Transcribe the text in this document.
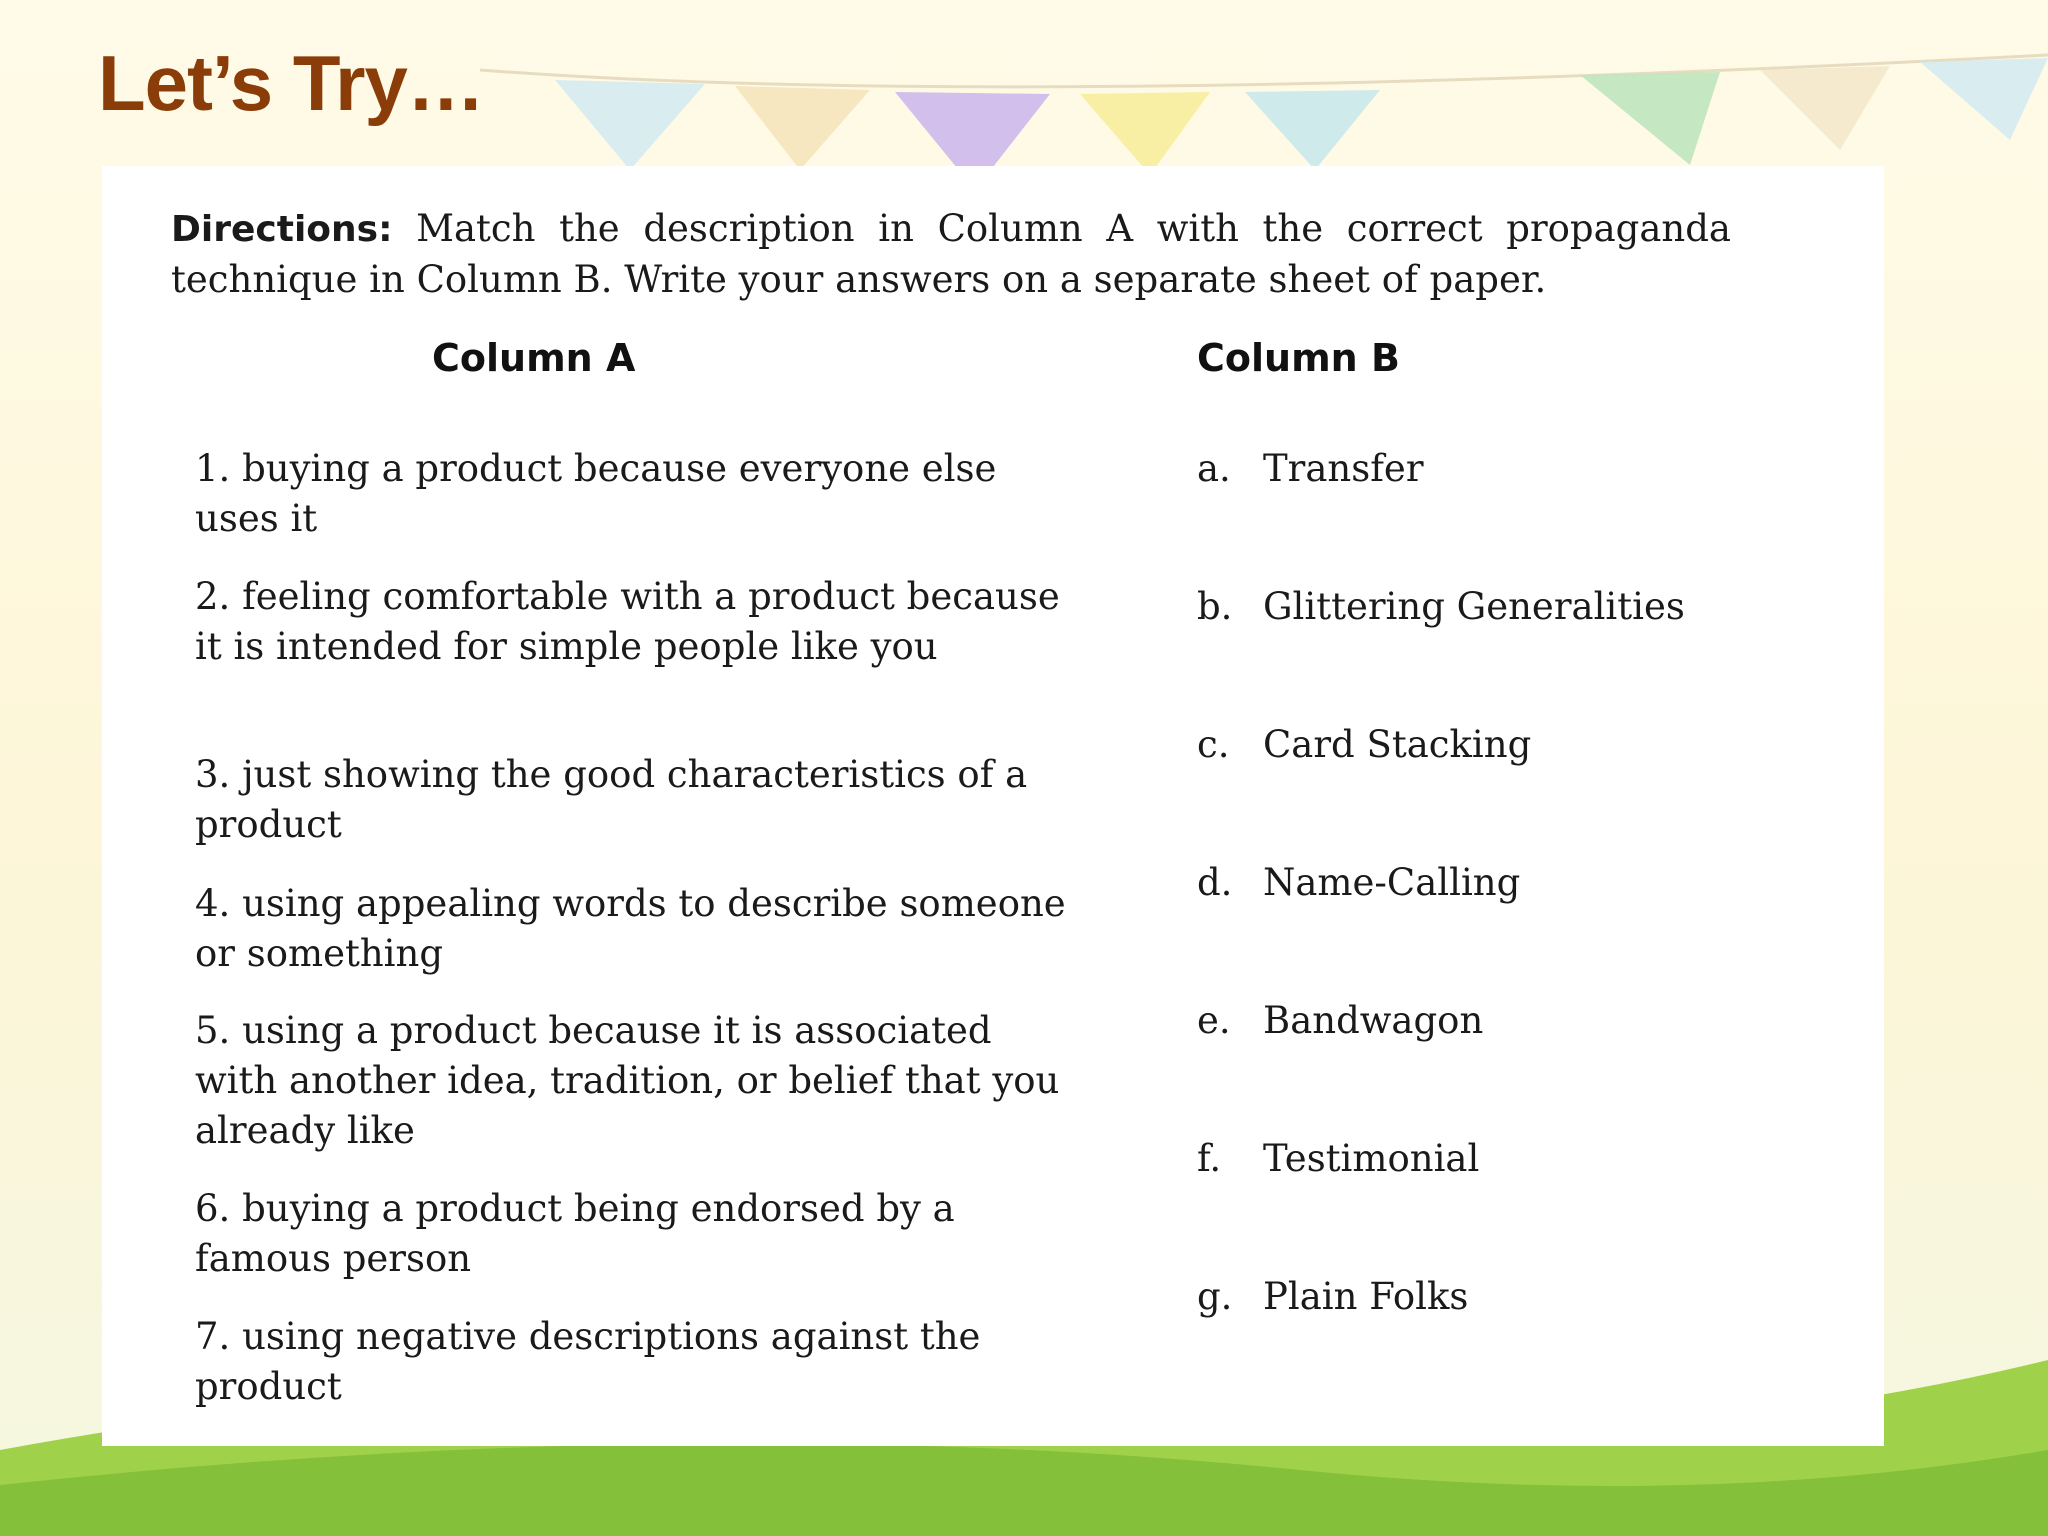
Let’s Try…

Directions: Match the description in Column A with the correct propaganda technique in Column B. Write your answers on a separate sheet of paper.

Column A	Column B

1. buying a product because everyone else uses it

2. feeling comfortable with a product because it is intended for simple people like you

3. just showing the good characteristics of a product

4. using appealing words to describe someone or something

5. using a product because it is associated with another idea, tradition, or belief that you already like

6. buying a product being endorsed by a famous person

7. using negative descriptions against the product

a. Transfer

b. Glittering Generalities

c. Card Stacking

d. Name-Calling

e. Bandwagon

f. Testimonial

g. Plain Folks
